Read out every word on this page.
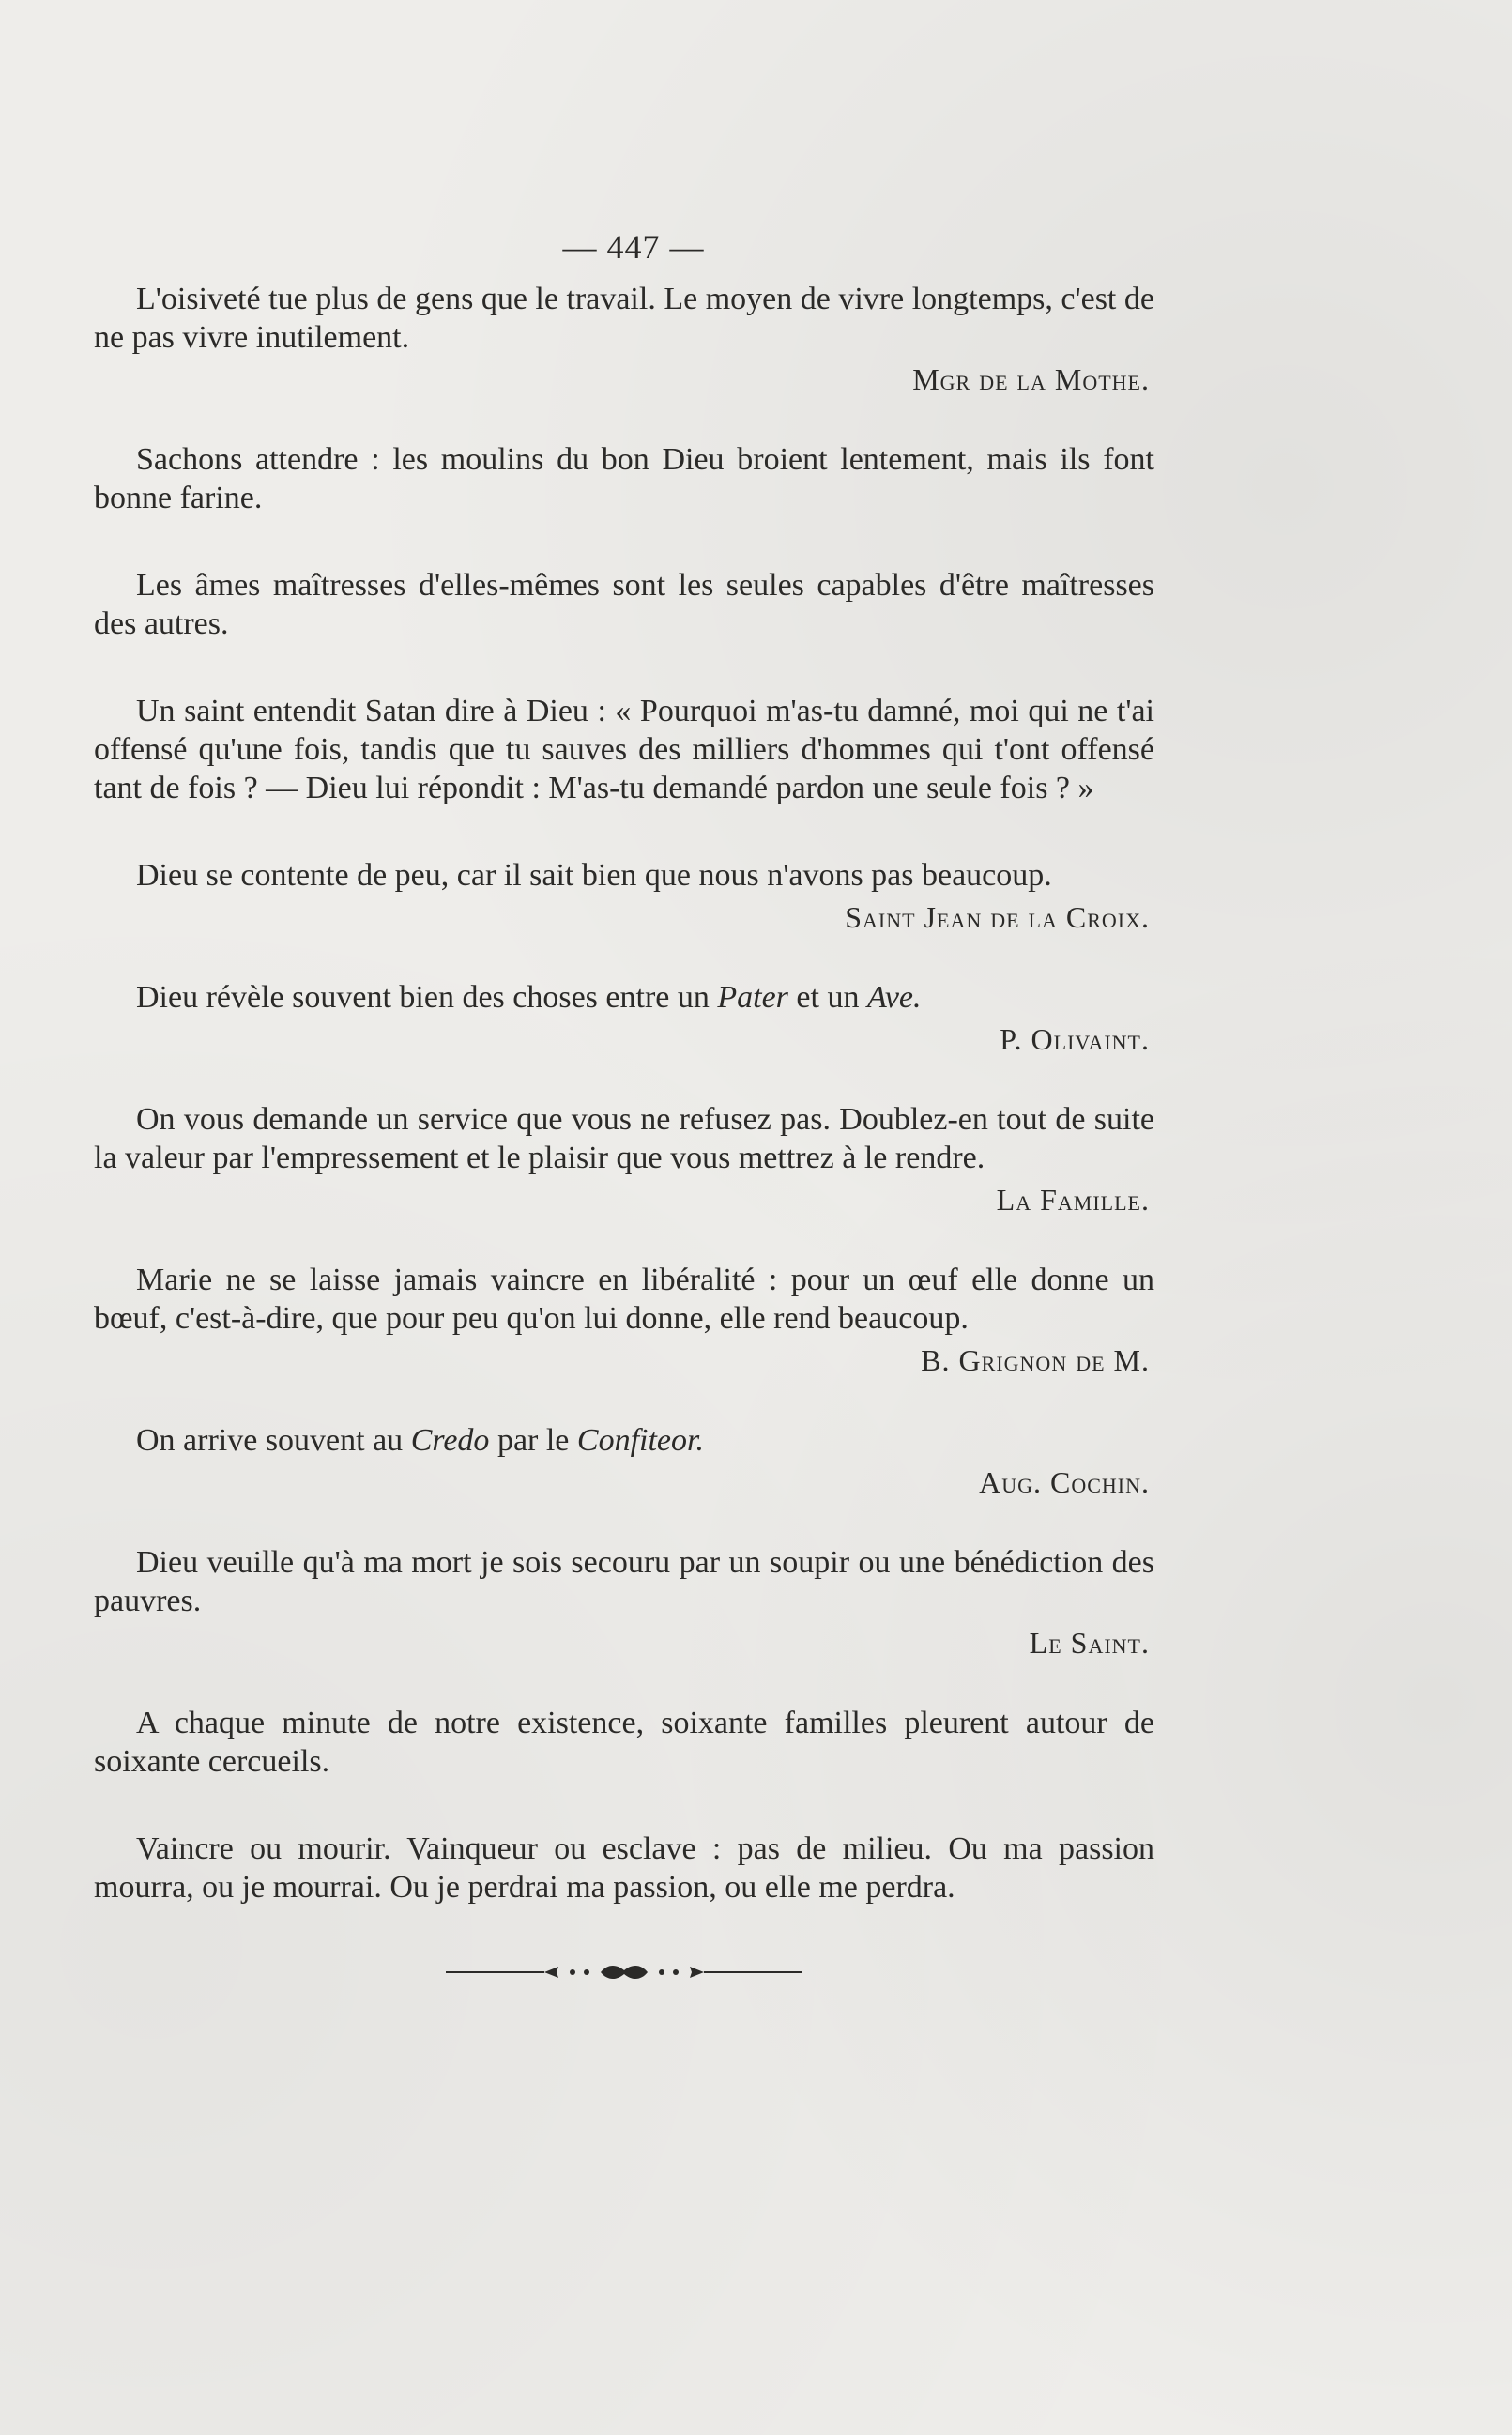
— 447 —

L'oisiveté tue plus de gens que le travail. Le moyen de vivre longtemps, c'est de ne pas vivre inutilement.

Mgr de la Mothe.

Sachons attendre : les moulins du bon Dieu broient lentement, mais ils font bonne farine.

Les âmes maîtresses d'elles-mêmes sont les seules capables d'être maîtresses des autres.

Un saint entendit Satan dire à Dieu : « Pourquoi m'as-tu damné, moi qui ne t'ai offensé qu'une fois, tandis que tu sauves des milliers d'hommes qui t'ont offensé tant de fois ? — Dieu lui répondit : M'as-tu demandé pardon une seule fois ? »

Dieu se contente de peu, car il sait bien que nous n'avons pas beaucoup.

Saint Jean de la Croix.

Dieu révèle souvent bien des choses entre un Pater et un Ave.

P. Olivaint.

On vous demande un service que vous ne refusez pas. Doublez-en tout de suite la valeur par l'empressement et le plaisir que vous mettrez à le rendre.

La Famille.

Marie ne se laisse jamais vaincre en libéralité : pour un œuf elle donne un bœuf, c'est-à-dire, que pour peu qu'on lui donne, elle rend beaucoup.

B. Grignon de M.

On arrive souvent au Credo par le Confiteor.

Aug. Cochin.

Dieu veuille qu'à ma mort je sois secouru par un soupir ou une bénédiction des pauvres.

Le Saint.

A chaque minute de notre existence, soixante familles pleurent autour de soixante cercueils.

Vaincre ou mourir. Vainqueur ou esclave : pas de milieu. Ou ma passion mourra, ou je mourrai. Ou je perdrai ma passion, ou elle me perdra.
